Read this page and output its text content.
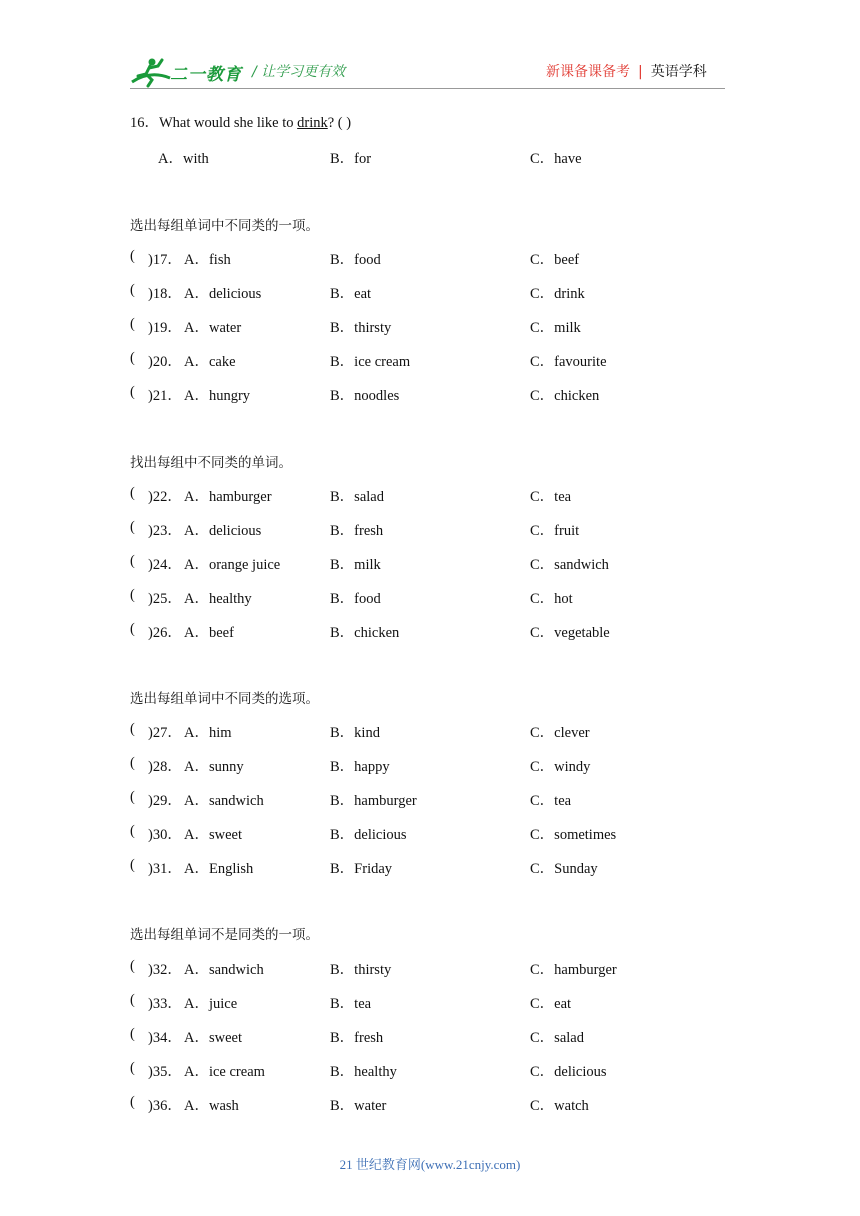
二一教育 / 让学习更有效	新课备课备考 | 英语学科
16．What would she like to drink? ( )
A．with	B．for	C．have
选出每组单词中不同类的一项。
( )17． A．fish	B．food	C．beef
( )18． A．delicious	B．eat	C．drink
( )19． A．water	B．thirsty	C．milk
( )20． A．cake	B．ice cream	C．favourite
( )21． A．hungry	B．noodles	C．chicken
找出每组中不同类的单词。
( )22． A．hamburger	B．salad	C．tea
( )23． A．delicious	B．fresh	C．fruit
( )24． A．orange juice	B．milk	C．sandwich
( )25． A．healthy	B．food	C．hot
( )26． A．beef	B．chicken	C．vegetable
选出每组单词中不同类的选项。
( )27． A．him	B．kind	C．clever
( )28． A．sunny	B．happy	C．windy
( )29． A．sandwich	B．hamburger	C．tea
( )30． A．sweet	B．delicious	C．sometimes
( )31． A．English	B．Friday	C．Sunday
选出每组单词不是同类的一项。
( )32． A．sandwich	B．thirsty	C．hamburger
( )33． A．juice	B．tea	C．eat
( )34． A．sweet	B．fresh	C．salad
( )35． A．ice cream	B．healthy	C．delicious
( )36． A．wash	B．water	C．watch
21 世纪教育网(www.21cnjy.com)
